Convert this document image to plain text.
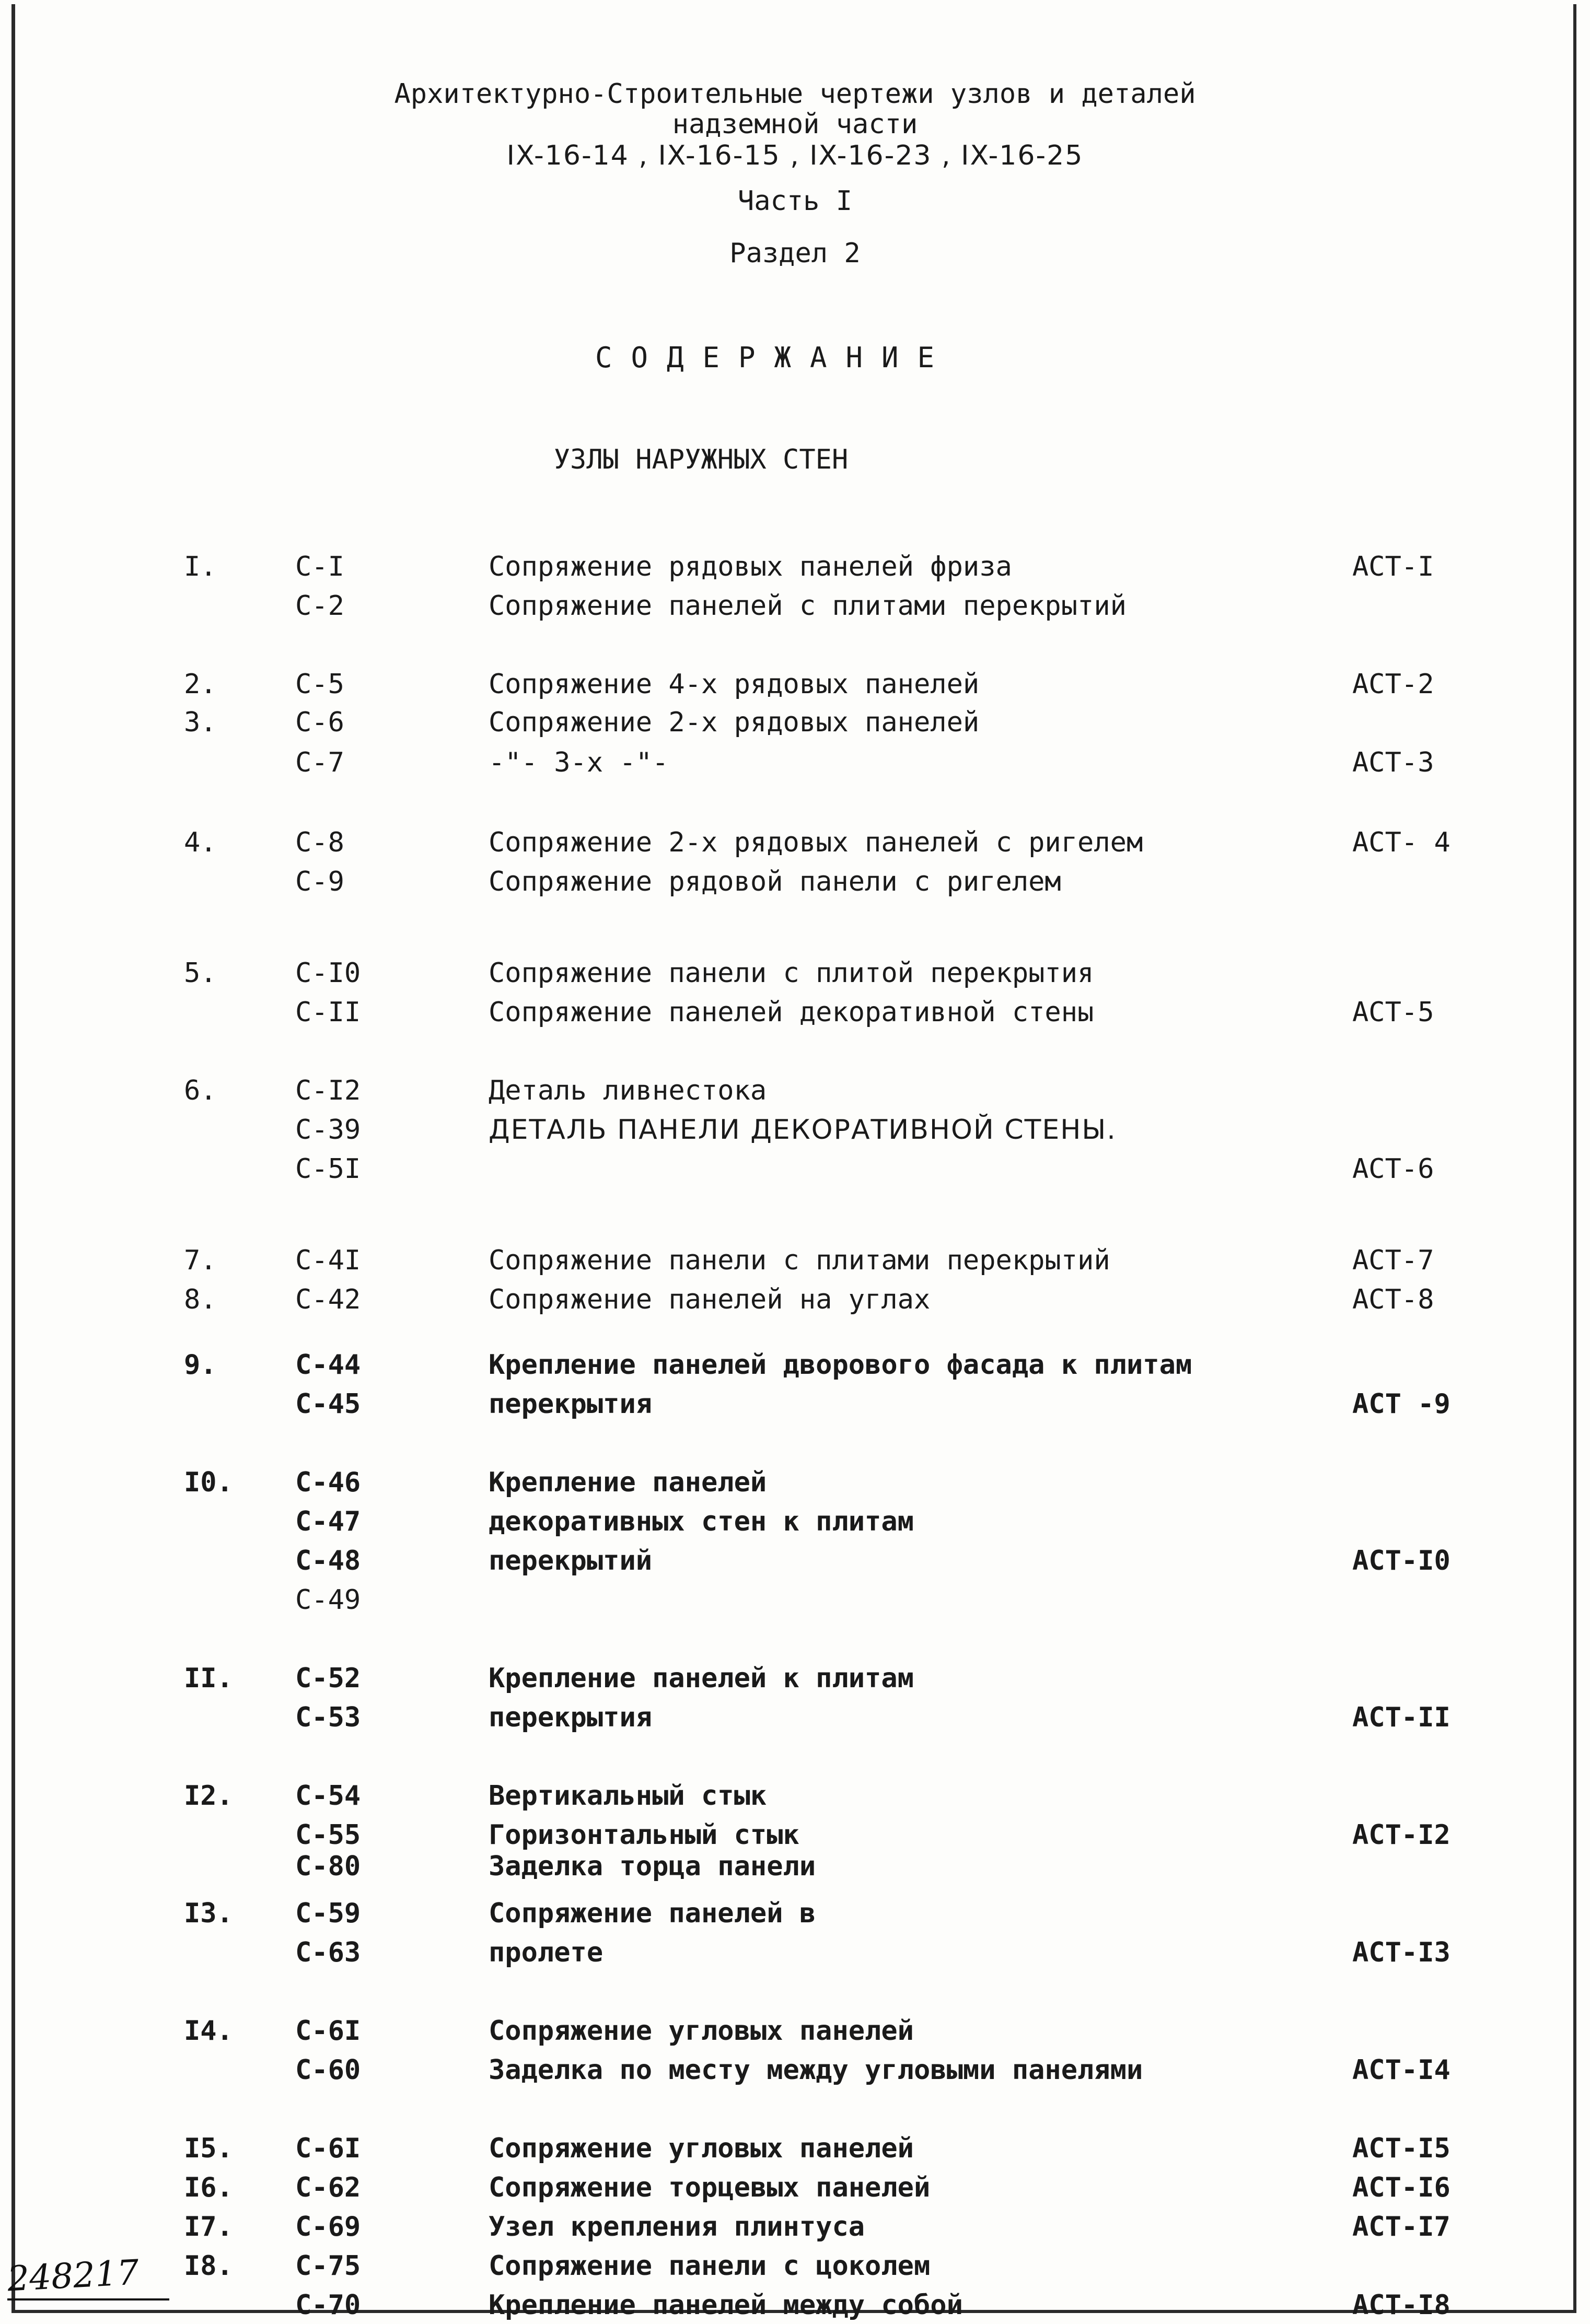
Архитектурно-Строительные чертежи узлов и деталей
надземной части
IX-16-14 , IX-16-15 , IX-16-23 , IX-16-25
Часть I
Раздел 2
СОДЕРЖАНИЕ
УЗЛЫ НАРУЖНЫХ СТЕН
I.	С-I	Сопряжение рядовых панелей фриза	АСТ-I
С-2	Сопряжение панелей с плитами перекрытий
2.	С-5	Сопряжение 4-х рядовых панелей	АСТ-2
3.	С-6	Сопряжение 2-х рядовых панелей
С-7	-"- 3-х -"-	АСТ-3
4.	С-8	Сопряжение 2-х рядовых панелей с ригелем	АСТ- 4
С-9	Сопряжение рядовой панели с ригелем
5.	С-I0	Сопряжение панели с плитой перекрытия
С-II	Сопряжение панелей декоративной стены	АСТ-5
6.	С-I2	Деталь ливнестока
С-39	ДЕТАЛЬ ПАНЕЛИ ДЕКОРАТИВНОЙ СТЕНЫ.
С-5I	АСТ-6
7.	С-4I	Сопряжение панели с плитами перекрытий	АСТ-7
8.	С-42	Сопряжение панелей на углах	АСТ-8
9.	С-44	Крепление панелей дворового фасада к плитам
С-45	перекрытия	АСТ -9
I0. С-46	Крепление панелей
С-47	декоративных стен к плитам
С-48	перекрытий	АСТ-I0
С-49
II. С-52	Крепление панелей к плитам
С-53	перекрытия	АСТ-II
I2. С-54	Вертикальный стык
С-55	Горизонтальный стык	АСТ-I2
С-80	Заделка торца панели
I3. С-59	Сопряжение панелей в
С-63	пролете	АСТ-I3
I4. С-6I	Сопряжение угловых панелей
С-60	Заделка по месту между угловыми панелями	АСТ-I4
I5. С-6I	Сопряжение угловых панелей	АСТ-I5
I6. С-62	Сопряжение торцевых панелей	АСТ-I6
I7. С-69	Узел крепления плинтуса	АСТ-I7
I8. С-75	Сопряжение панели с цоколем
С-70	Крепление панелей между собой	АСТ-I8
248217
